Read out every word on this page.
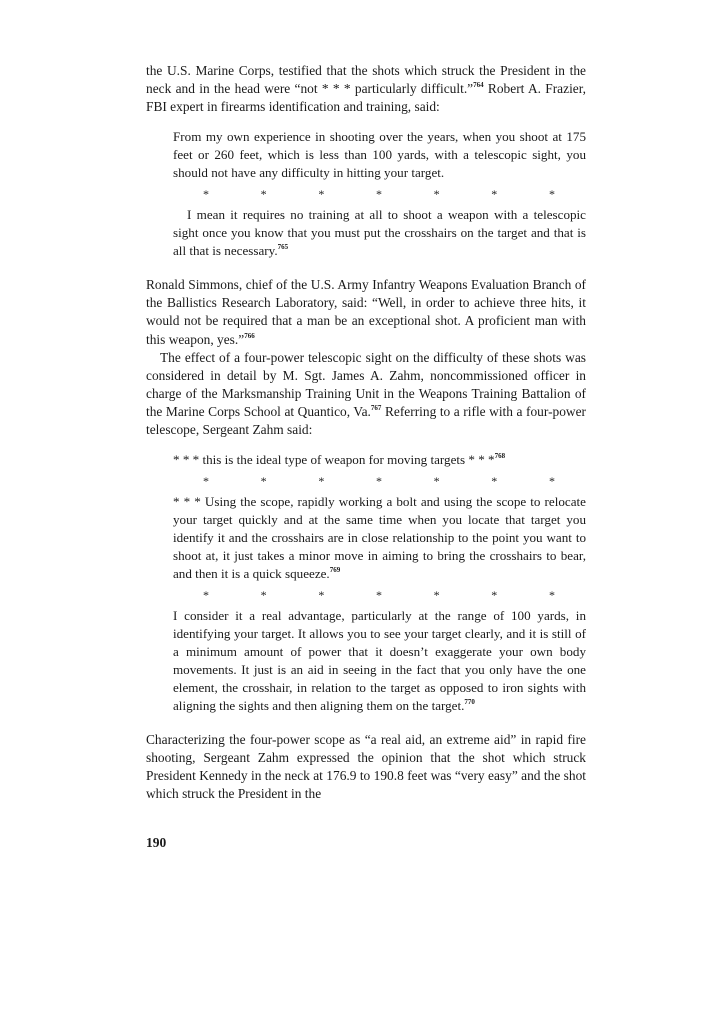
the U.S. Marine Corps, testified that the shots which struck the President in the neck and in the head were “not * * * particularly difficult.”$^{764}$ Robert A. Frazier, FBI expert in firearms identification and training, said:

From my own experience in shooting over the years, when you shoot at 175 feet or 260 feet, which is less than 100 yards, with a telescopic sight, you should not have any difficulty in hitting your target.

*	*	*	*	*	*	*

I mean it requires no training at all to shoot a weapon with a telescopic sight once you know that you must put the crosshairs on the target and that is all that is necessary.$^{765}$

Ronald Simmons, chief of the U.S. Army Infantry Weapons Evaluation Branch of the Ballistics Research Laboratory, said: “Well, in order to achieve three hits, it would not be required that a man be an exceptional shot. A proficient man with this weapon, yes.”$^{766}$

The effect of a four-power telescopic sight on the difficulty of these shots was considered in detail by M. Sgt. James A. Zahm, noncommissioned officer in charge of the Marksmanship Training Unit in the Weapons Training Battalion of the Marine Corps School at Quantico, Va.$^{767}$ Referring to a rifle with a four-power telescope, Sergeant Zahm said:

* * * this is the ideal type of weapon for moving targets * * *$^{768}$

*	*	*	*	*	*	*

* * * Using the scope, rapidly working a bolt and using the scope to relocate your target quickly and at the same time when you locate that target you identify it and the crosshairs are in close relationship to the point you want to shoot at, it just takes a minor move in aiming to bring the crosshairs to bear, and then it is a quick squeeze.$^{769}$

*	*	*	*	*	*	*

I consider it a real advantage, particularly at the range of 100 yards, in identifying your target. It allows you to see your target clearly, and it is still of a minimum amount of power that it doesn’t exaggerate your own body movements. It just is an aid in seeing in the fact that you only have the one element, the crosshair, in relation to the target as opposed to iron sights with aligning the sights and then aligning them on the target.$^{770}$

Characterizing the four-power scope as “a real aid, an extreme aid” in rapid fire shooting, Sergeant Zahm expressed the opinion that the shot which struck President Kennedy in the neck at 176.9 to 190.8 feet was “very easy” and the shot which struck the President in the

190
